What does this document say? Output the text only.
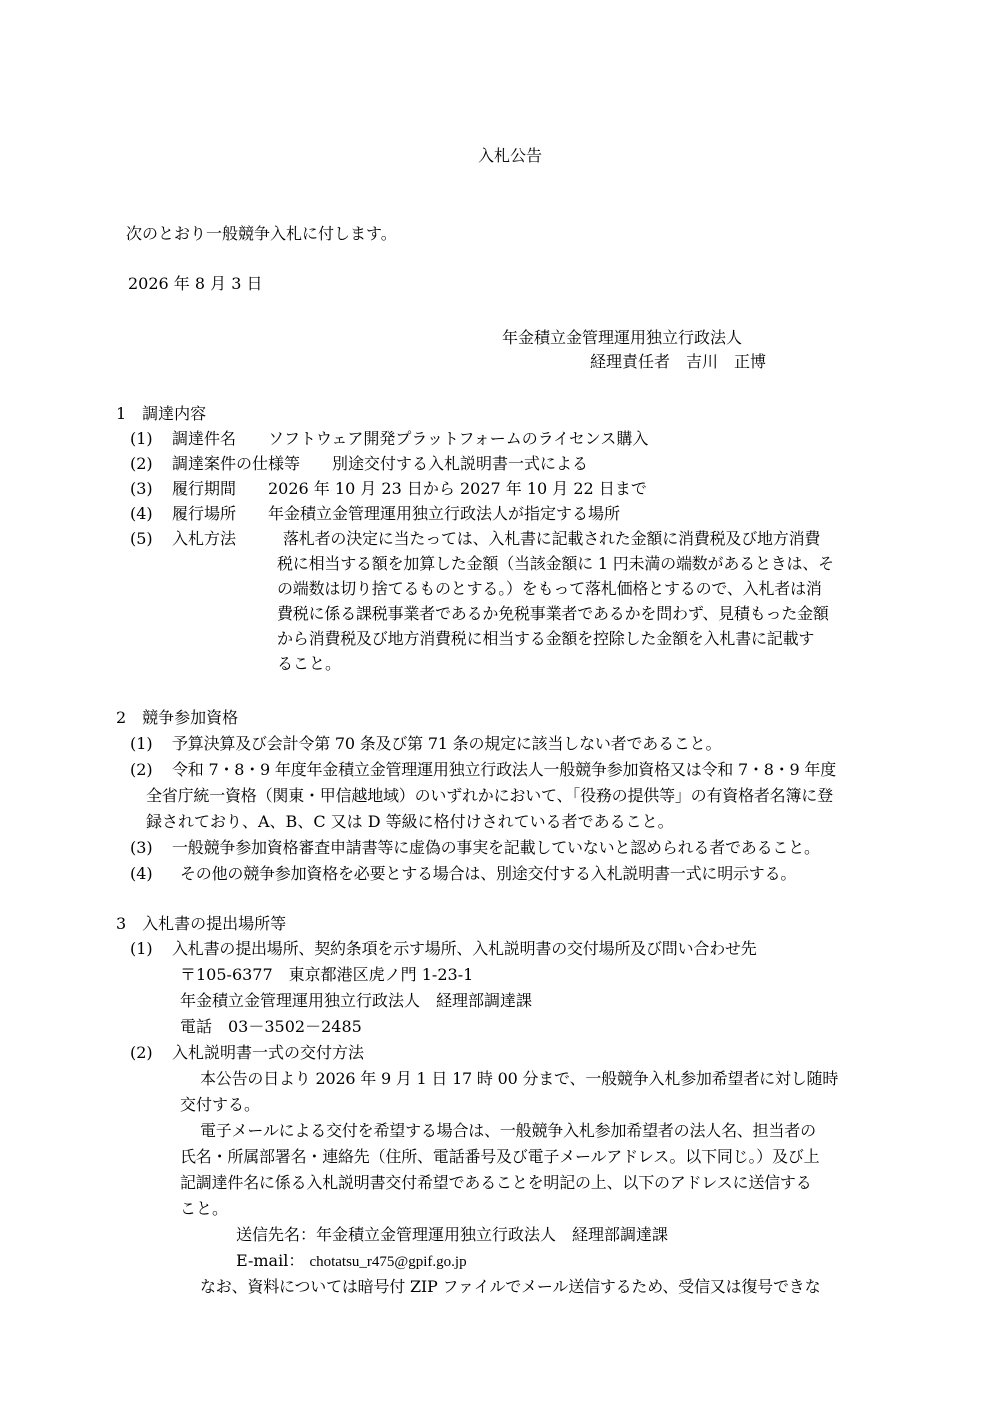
入札公告
次のとおり一般競争入札に付します。
2026 年 8 月 3 日
年金積立金管理運用独立行政法人
経理責任者　吉川　正博
1　調達内容
(1) 調達件名　　ソフトウェア開発プラットフォームのライセンス購入
(2) 調達案件の仕様等　　別途交付する入札説明書一式による
(3) 履行期間　　2026 年 10 月 23 日から 2027 年 10 月 22 日まで
(4) 履行場所　　年金積立金管理運用独立行政法人が指定する場所
(5) 入札方法	落札者の決定に当たっては、入札書に記載された金額に消費税及び地方消費
税に相当する額を加算した金額（当該金額に 1 円未満の端数があるときは、そ
の端数は切り捨てるものとする。）をもって落札価格とするので、入札者は消
費税に係る課税事業者であるか免税事業者であるかを問わず、見積もった金額
から消費税及び地方消費税に相当する金額を控除した金額を入札書に記載す
ること。
2　競争参加資格
(1) 予算決算及び会計令第 70 条及び第 71 条の規定に該当しない者であること。
(2) 令和 7・8・9 年度年金積立金管理運用独立行政法人一般競争参加資格又は令和 7・8・9 年度
全省庁統一資格（関東・甲信越地域）のいずれかにおいて、「役務の提供等」の有資格者名簿に登
録されており、A、B、C 又は D 等級に格付けされている者であること。
(3) 一般競争参加資格審査申請書等に虚偽の事実を記載していないと認められる者であること。
(4) その他の競争参加資格を必要とする場合は、別途交付する入札説明書一式に明示する。
3　入札書の提出場所等
(1) 入札書の提出場所、契約条項を示す場所、入札説明書の交付場所及び問い合わせ先
〒105-6377　東京都港区虎ノ門 1-23-1
年金積立金管理運用独立行政法人　経理部調達課
電話　03－3502－2485
(2) 入札説明書一式の交付方法
本公告の日より 2026 年 9 月 1 日 17 時 00 分まで、一般競争入札参加希望者に対し随時
交付する。
電子メールによる交付を希望する場合は、一般競争入札参加希望者の法人名、担当者の
氏名・所属部署名・連絡先（住所、電話番号及び電子メールアドレス。以下同じ。）及び上
記調達件名に係る入札説明書交付希望であることを明記の上、以下のアドレスに送信する
こと。
送信先名：年金積立金管理運用独立行政法人　経理部調達課
E-mail： chotatsu_r475@gpif.go.jp
なお、資料については暗号付 ZIP ファイルでメール送信するため、受信又は復号できな
